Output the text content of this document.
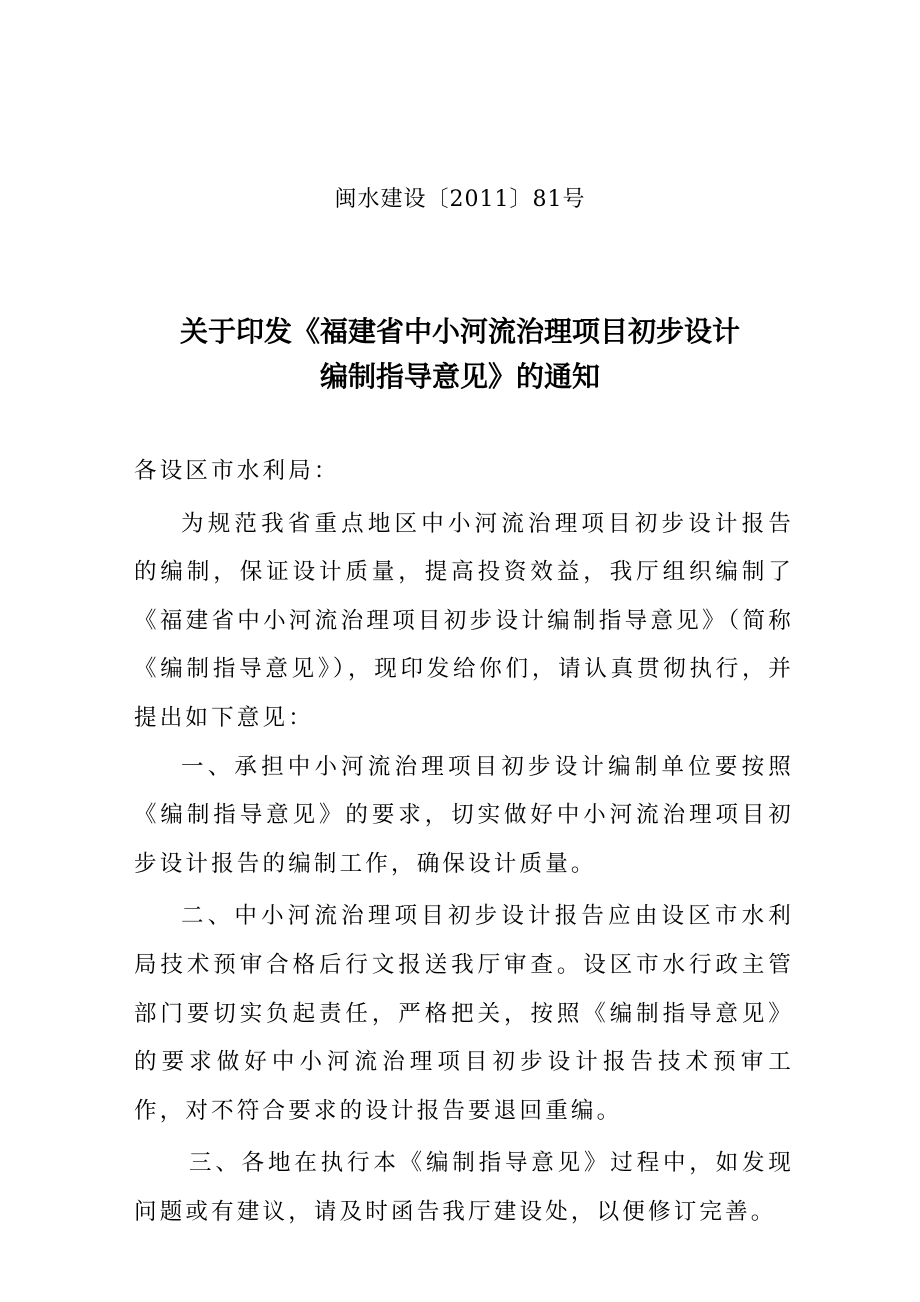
闽水建设〔2011〕81号
关于印发《福建省中小河流治理项目初步设计
编制指导意见》的通知

各设区市水利局：

为规范我省重点地区中小河流治理项目初步设计报告的编制，保证设计质量，提高投资效益，我厅组织编制了《福建省中小河流治理项目初步设计编制指导意见》（简称《编制指导意见》），现印发给你们，请认真贯彻执行，并提出如下意见：

一、承担中小河流治理项目初步设计编制单位要按照《编制指导意见》的要求，切实做好中小河流治理项目初步设计报告的编制工作，确保设计质量。

二、中小河流治理项目初步设计报告应由设区市水利局技术预审合格后行文报送我厅审查。设区市水行政主管部门要切实负起责任，严格把关，按照《编制指导意见》的要求做好中小河流治理项目初步设计报告技术预审工作，对不符合要求的设计报告要退回重编。

三、各地在执行本《编制指导意见》过程中，如发现问题或有建议，请及时函告我厅建设处，以便修订完善。
